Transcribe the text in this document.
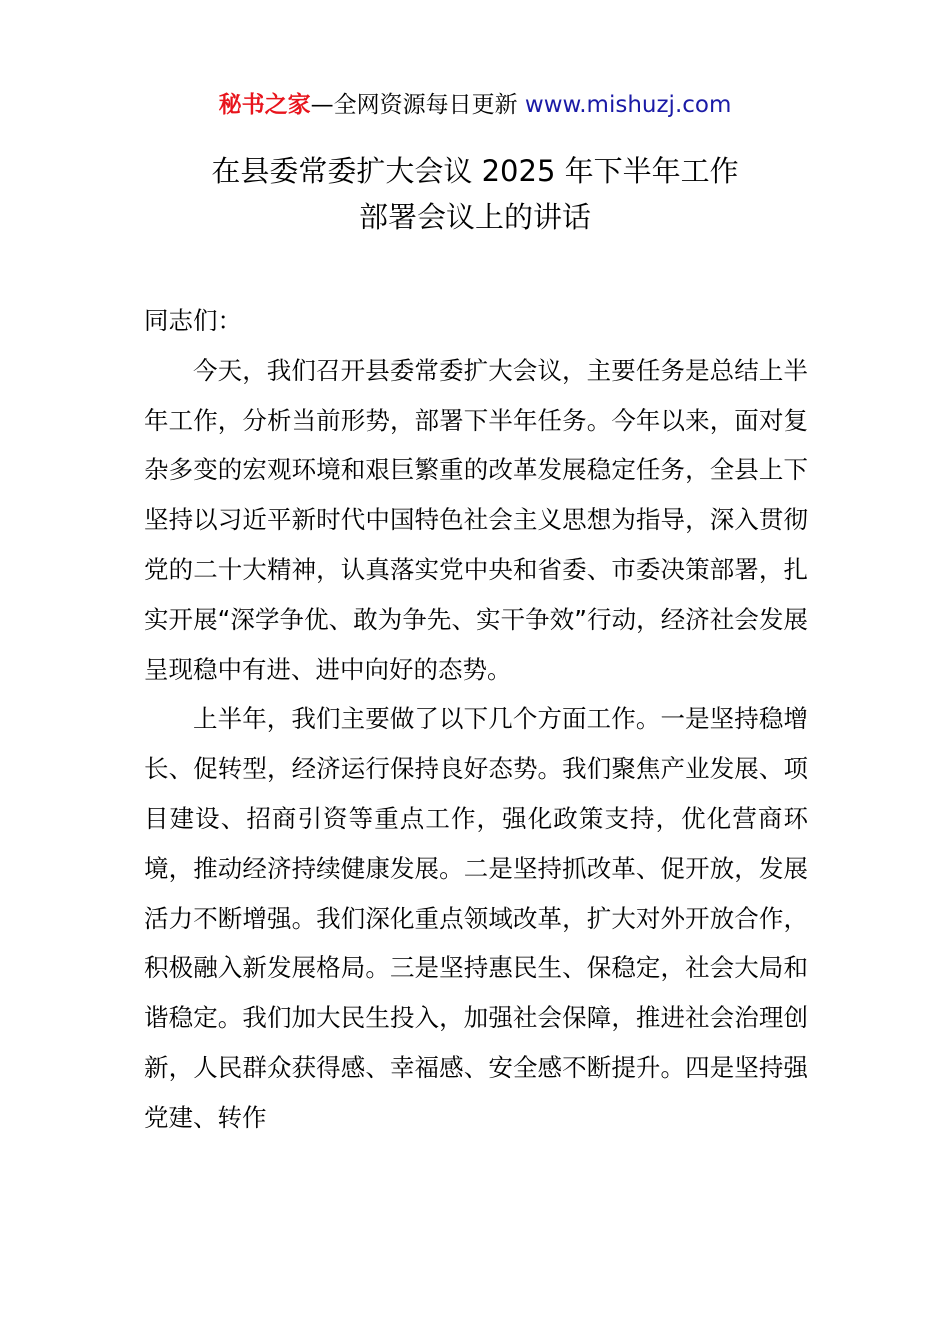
秘书之家—全网资源每日更新 www.mishuzj.com
在县委常委扩大会议 2025 年下半年工作
部署会议上的讲话

同志们：

今天，我们召开县委常委扩大会议，主要任务是总结上半年工作，分析当前形势，部署下半年任务。今年以来，面对复杂多变的宏观环境和艰巨繁重的改革发展稳定任务，全县上下坚持以习近平新时代中国特色社会主义思想为指导，深入贯彻党的二十大精神，认真落实党中央和省委、市委决策部署，扎实开展“深学争优、敢为争先、实干争效”行动，经济社会发展呈现稳中有进、进中向好的态势。

上半年，我们主要做了以下几个方面工作。一是坚持稳增长、促转型，经济运行保持良好态势。我们聚焦产业发展、项目建设、招商引资等重点工作，强化政策支持，优化营商环境，推动经济持续健康发展。二是坚持抓改革、促开放，发展活力不断增强。我们深化重点领域改革，扩大对外开放合作，积极融入新发展格局。三是坚持惠民生、保稳定，社会大局和谐稳定。我们加大民生投入，加强社会保障，推进社会治理创新，人民群众获得感、幸福感、安全感不断提升。四是坚持强党建、转作
